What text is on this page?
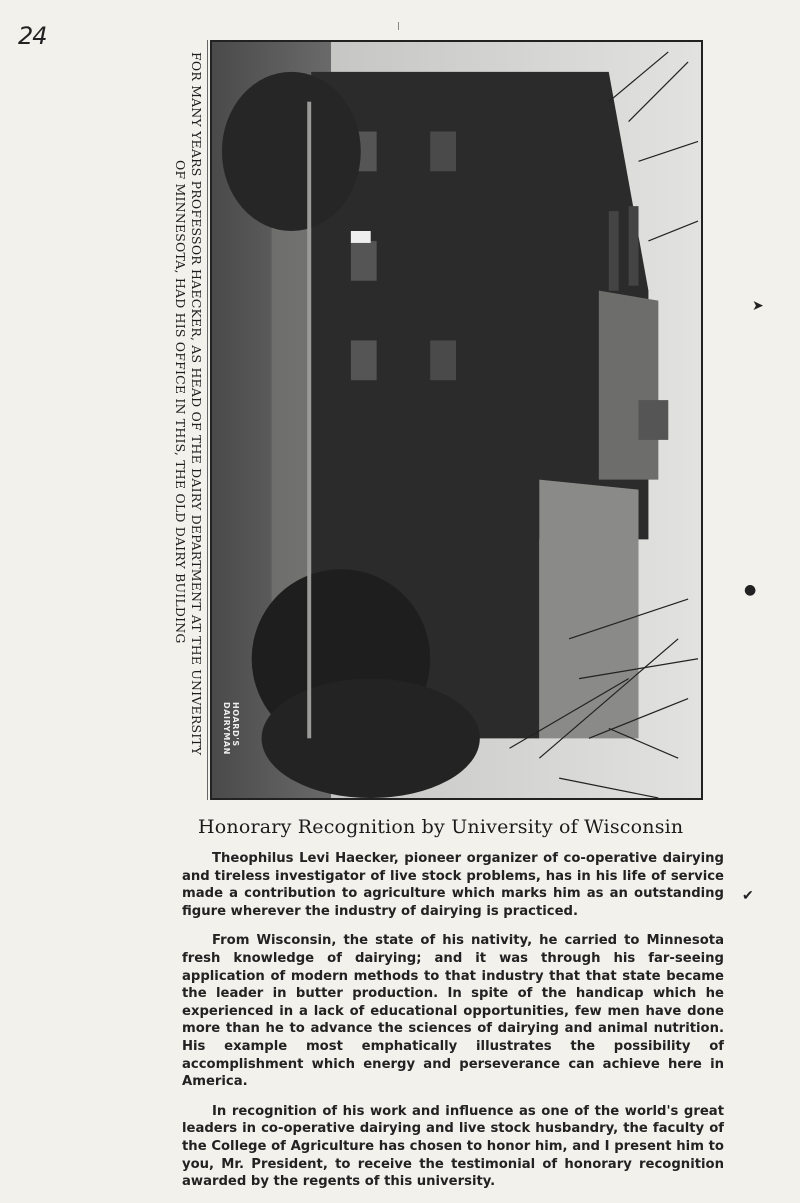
24
FOR MANY YEARS PROFESSOR HAECKER, AS HEAD OF THE DAIRY DEPARTMENT AT THE UNIVERSITY
OF MINNESOTA, HAD HIS OFFICE IN THIS, THE OLD DAIRY BUILDING
HOARD'S DAIRYMAN
➤
●
✔
Honorary Recognition by University of Wisconsin

Theophilus Levi Haecker, pioneer organizer of co-operative dairying and tireless investigator of live stock problems, has in his life of service made a contribution to agriculture which marks him as an outstanding figure wherever the industry of dairying is practiced.

From Wisconsin, the state of his nativity, he carried to Minnesota fresh knowledge of dairying; and it was through his far-seeing application of modern methods to that industry that that state became the leader in butter production. In spite of the handicap which he experienced in a lack of educational opportunities, few men have done more than he to advance the sciences of dairying and animal nutrition. His example most emphatically illustrates the possibility of accomplishment which energy and perseverance can achieve here in America.

In recognition of his work and influence as one of the world's great leaders in co-operative dairying and live stock husbandry, the faculty of the College of Agriculture has chosen to honor him, and I present him to you, Mr. President, to receive the testimonial of honorary recognition awarded by the regents of this university.
